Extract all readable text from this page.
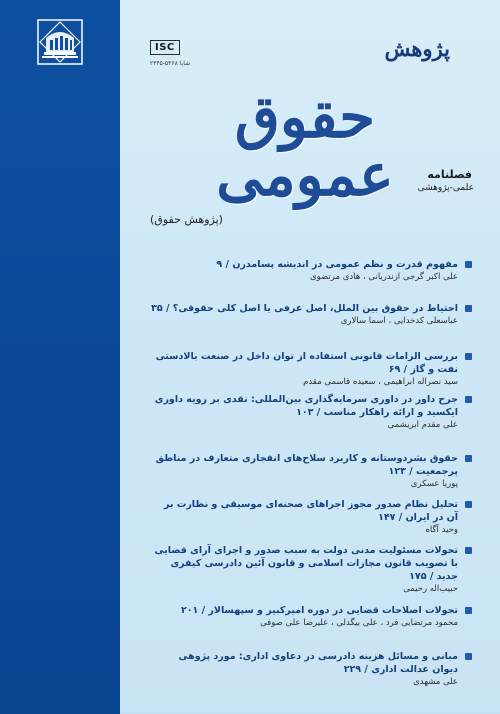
ISC
شاپا ۵۴۶۸-۲۳۴۵
پژوهش
حقوق عمومی	فصلنامه
علمی-پژوهشی
(پژوهش حقوق)
مفهوم قدرت و نظم عمومی در اندیشه پسامدرن / ۹
علی اکبر گرجی ازندریانی ، هادی مرتضوی
احتیاط در حقوق بین الملل، اصل عرفی یا اصل کلی حقوقی؟ / ۳۵
عباسعلی کدخدایی ، اسما سالاری
بررسی الزامات قانونی استفاده از توان داخل در صنعت بالادستی نفت و گاز / ۶۹
سید نصراله ابراهیمی ، سعیده قاسمی مقدم
جرح داور در داوری سرمایه‌گذاری بین‌المللی: نقدی بر رویه داوری ایکسید و ارائه راهکار مناسب / ۱۰۳
علی مقدم ابریشمی
حقوق بشردوستانه و کاربرد سلاح‌های انفجاری متعارف در مناطق پرجمعیت / ۱۲۳
پوریا عسکری
تحلیل نظام صدور مجوز اجراهای صحنه‌ای موسیقی و نظارت بر آن در ایران / ۱۴۷
وحید آگاه
تحولات مسئولیت مدنی دولت به سبب صدور و اجرای آرای قضایی با تصویب قانون مجازات اسلامی و قانون آئین دادرسی کیفری جدید / ۱۷۵
حبیب‌اله رحیمی
تحولات اصلاحات قضایی در دوره امیرکبیر و سپهسالار / ۲۰۱
محمود مرتضایی فرد ، علی بیگدلی ، علیرضا علی صوفی
مبانی و مسائل هزینه دادرسی در دعاوی اداری: مورد پژوهی دیوان عدالت اداری / ۲۲۹
علی مشهدی
